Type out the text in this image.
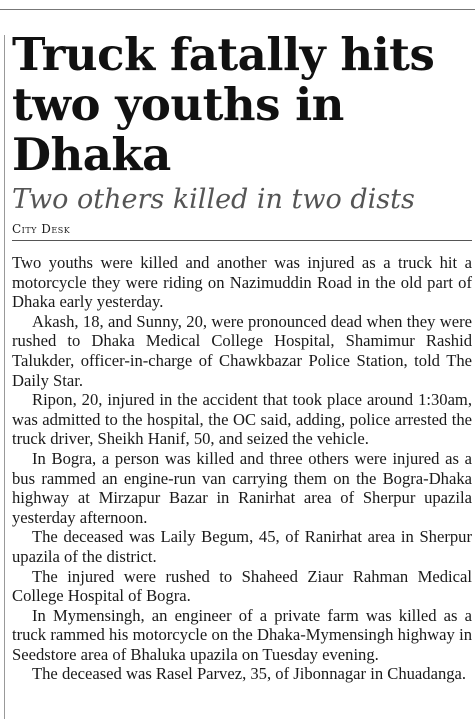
Truck fatally hits two youths in Dhaka
Two others killed in two dists
City Desk

Two youths were killed and another was injured as a truck hit a motorcycle they were riding on Nazimuddin Road in the old part of Dhaka early yesterday.

Akash, 18, and Sunny, 20, were pronounced dead when they were rushed to Dhaka Medical College Hospital, Shamimur Rashid Talukder, officer-in-charge of Chawkbazar Police Station, told The Daily Star.

Ripon, 20, injured in the accident that took place around 1:30am, was admitted to the hospital, the OC said, adding, police arrested the truck driver, Sheikh Hanif, 50, and seized the vehicle.

In Bogra, a person was killed and three others were injured as a bus rammed an engine-run van carrying them on the Bogra-Dhaka highway at Mirzapur Bazar in Ranirhat area of Sherpur upazila yesterday afternoon.

The deceased was Laily Begum, 45, of Ranirhat area in Sherpur upazila of the district.

The injured were rushed to Shaheed Ziaur Rahman Medical College Hospital of Bogra.

In Mymensingh, an engineer of a private farm was killed as a truck rammed his motorcycle on the Dhaka-Mymensingh highway in Seedstore area of Bhaluka upazila on Tuesday evening.

The deceased was Rasel Parvez, 35, of Jibonnagar in Chuadanga.
